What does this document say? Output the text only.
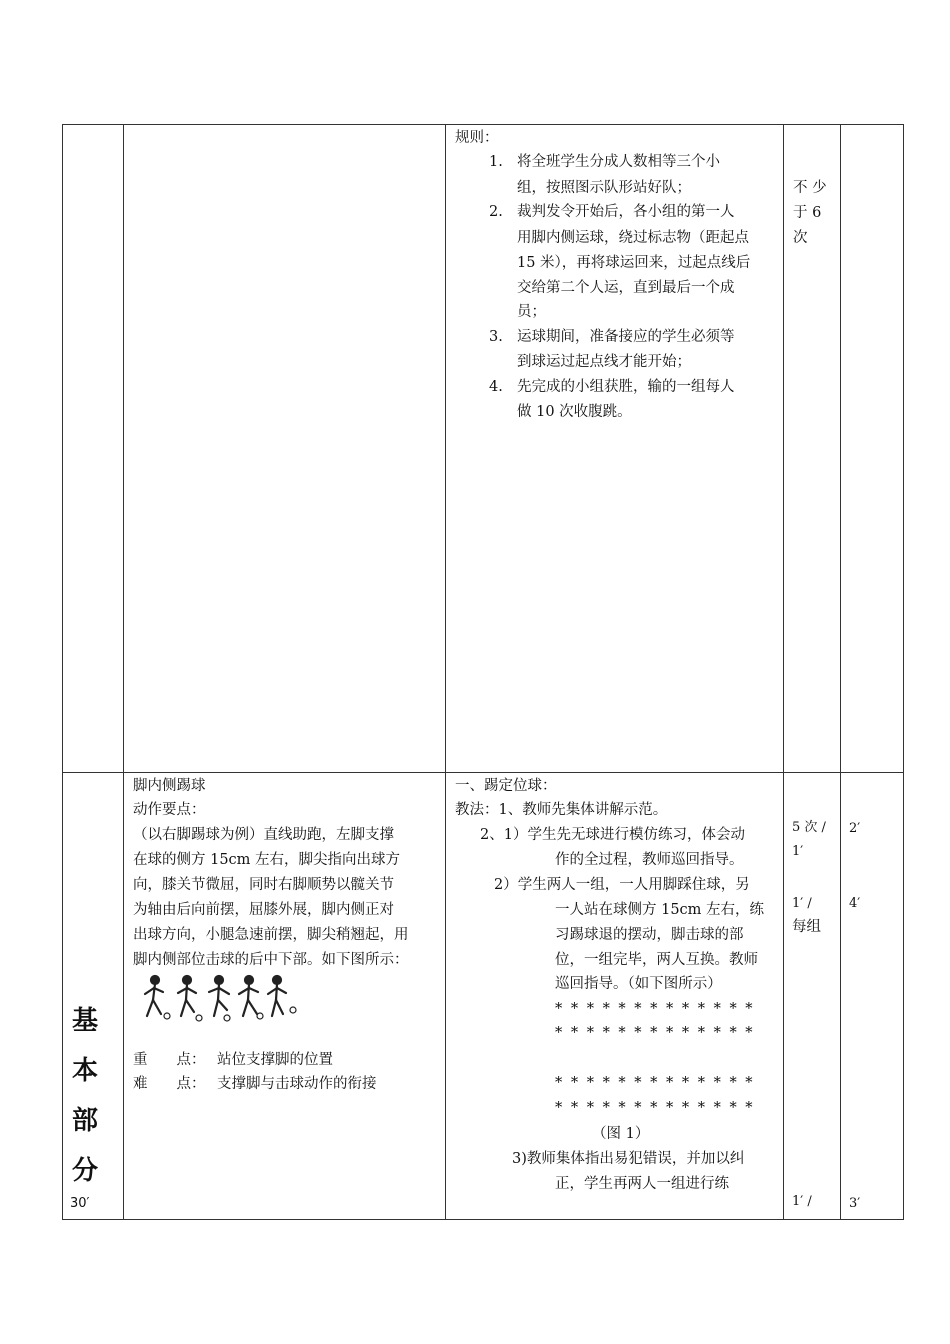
规则：
1. 将全班学生分成人数相等三个小
组，按照图示队形站好队；
2. 裁判发令开始后，各小组的第一人
用脚内侧运球，绕过标志物（距起点
15 米），再将球运回来，过起点线后
交给第二个人运，直到最后一个成
员；
3. 运球期间，准备接应的学生必须等
到球运过起点线才能开始；
4. 先完成的小组获胜，输的一组每人
做 10 次收腹跳。
不 少
于 6
次
基
本
部
分
30′
脚内侧踢球
动作要点：
（以右脚踢球为例）直线助跑，左脚支撑
在球的侧方 15cm 左右，脚尖指向出球方
向，膝关节微屈，同时右脚顺势以髋关节
为轴由后向前摆，屈膝外展，脚内侧正对
出球方向，小腿急速前摆，脚尖稍翘起，用
脚内侧部位击球的后中下部。如下图所示：
重　　点： 站位支撑脚的位置
难　　点： 支撑脚与击球动作的衔接
一、踢定位球：
教法：1、教师先集体讲解示范。
2、1）学生先无球进行模仿练习，体会动
作的全过程，教师巡回指导。
2）学生两人一组，一人用脚踩住球，另
一人站在球侧方 15cm 左右，练
习踢球退的摆动，脚击球的部
位，一组完毕，两人互换。教师
巡回指导。（如下图所示）
* * * * * * * * * * * * *
* * * * * * * * * * * * *
* * * * * * * * * * * * *
* * * * * * * * * * * * *
（图 1）
3)教师集体指出易犯错误，并加以纠
正，学生再两人一组进行练
5 次 /
1′
1′ /
每组
1′ /
2′
4′
3′
